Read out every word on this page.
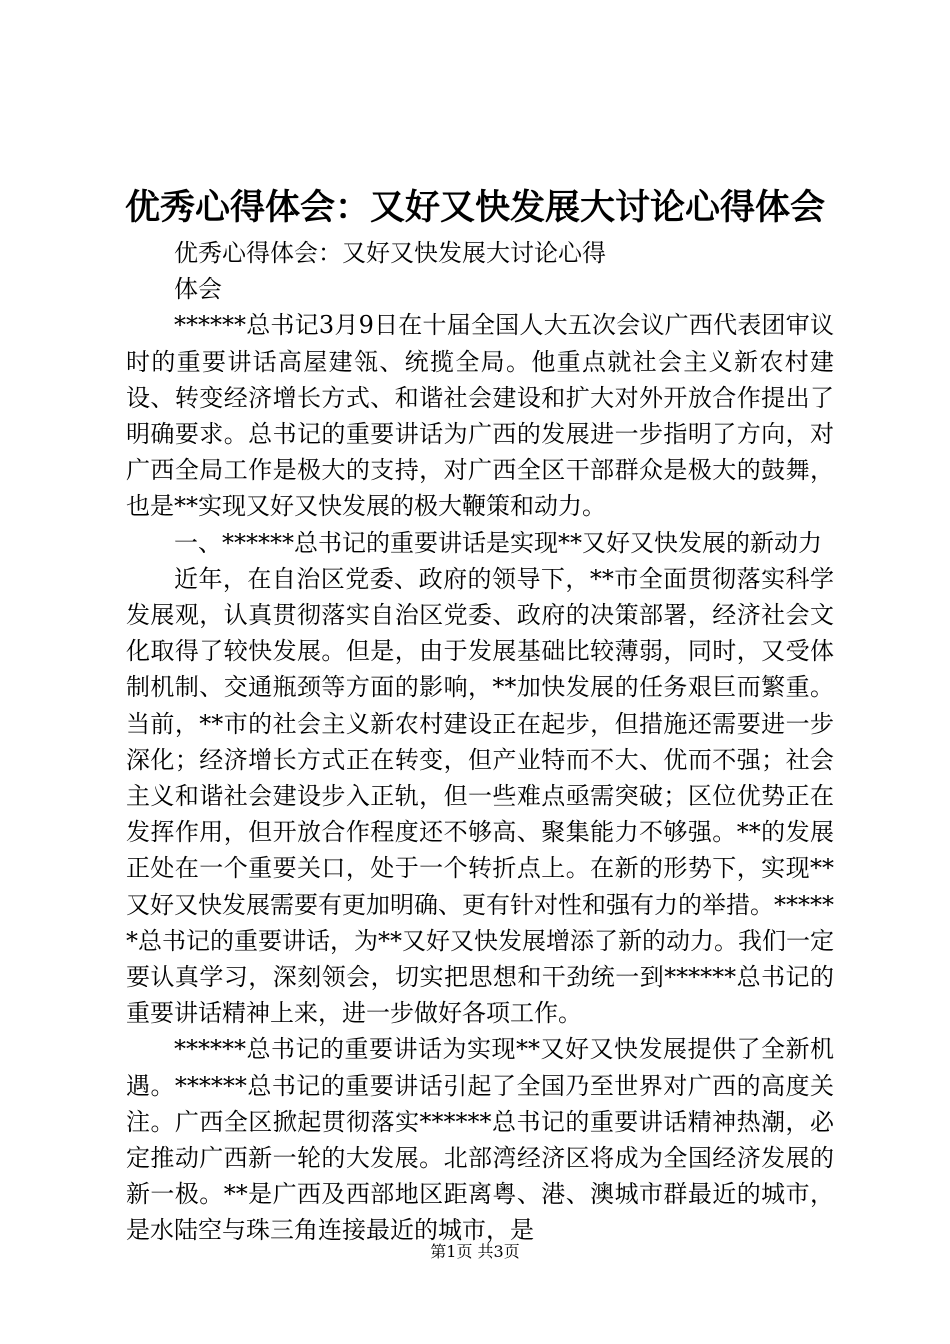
优秀心得体会：又好又快发展大讨论心得体会

优秀心得体会：又好又快发展大讨论心得体会

******总书记3月9日在十届全国人大五次会议广西代表团审议时的重要讲话高屋建瓴、统揽全局。他重点就社会主义新农村建设、转变经济增长方式、和谐社会建设和扩大对外开放合作提出了明确要求。总书记的重要讲话为广西的发展进一步指明了方向，对广西全局工作是极大的支持，对广西全区干部群众是极大的鼓舞，也是**实现又好又快发展的极大鞭策和动力。

一、******总书记的重要讲话是实现**又好又快发展的新动力

近年，在自治区党委、政府的领导下，**市全面贯彻落实科学发展观，认真贯彻落实自治区党委、政府的决策部署，经济社会文化取得了较快发展。但是，由于发展基础比较薄弱，同时，又受体制机制、交通瓶颈等方面的影响，**加快发展的任务艰巨而繁重。当前，**市的社会主义新农村建设正在起步，但措施还需要进一步深化；经济增长方式正在转变，但产业特而不大、优而不强；社会主义和谐社会建设步入正轨，但一些难点亟需突破；区位优势正在发挥作用，但开放合作程度还不够高、聚集能力不够强。**的发展正处在一个重要关口，处于一个转折点上。在新的形势下，实现**又好又快发展需要有更加明确、更有针对性和强有力的举措。******总书记的重要讲话，为**又好又快发展增添了新的动力。我们一定要认真学习，深刻领会，切实把思想和干劲统一到******总书记的重要讲话精神上来，进一步做好各项工作。

******总书记的重要讲话为实现**又好又快发展提供了全新机遇。******总书记的重要讲话引起了全国乃至世界对广西的高度关注。广西全区掀起贯彻落实******总书记的重要讲话精神热潮，必定推动广西新一轮的大发展。北部湾经济区将成为全国经济发展的新一极。**是广西及西部地区距离粤、港、澳城市群最近的城市，是水陆空与珠三角连接最近的城市，是

第1页 共3页
